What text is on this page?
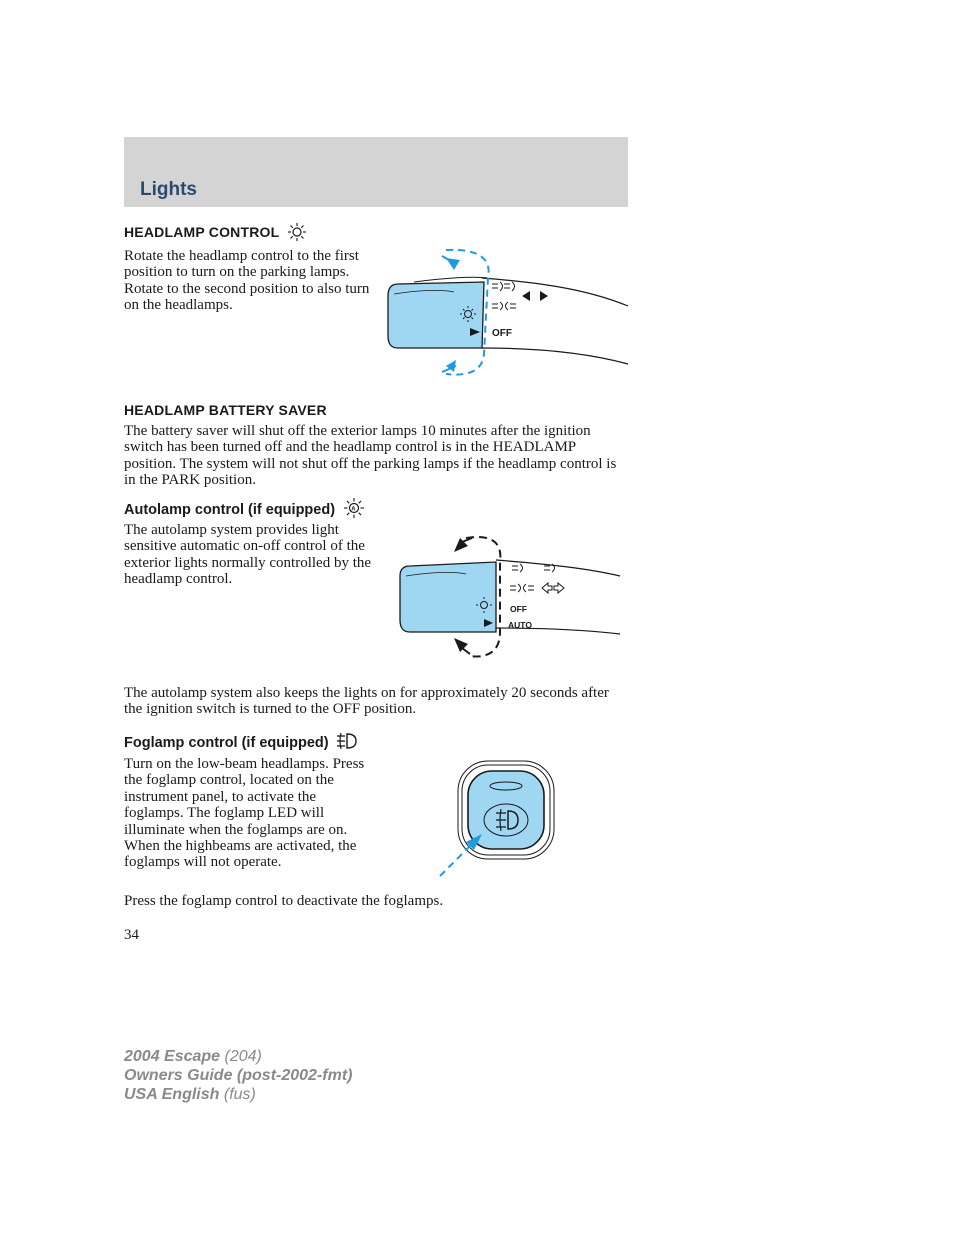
Lights
HEADLAMP CONTROL
Rotate the headlamp control to the first position to turn on the parking lamps. Rotate to the second position to also turn on the headlamps.
OFF
HEADLAMP BATTERY SAVER
The battery saver will shut off the exterior lamps 10 minutes after the ignition switch has been turned off and the headlamp control is in the HEADLAMP position. The system will not shut off the parking lamps if the headlamp control is in the PARK position.
Autolamp control (if equipped)	A
The autolamp system provides light sensitive automatic on-off control of the exterior lights normally controlled by the headlamp control.
OFF
AUTO
The autolamp system also keeps the lights on for approximately 20 seconds after the ignition switch is turned to the OFF position.
Foglamp control (if equipped)
Turn on the low-beam headlamps. Press the foglamp control, located on the instrument panel, to activate the foglamps. The foglamp LED will illuminate when the foglamps are on. When the highbeams are activated, the foglamps will not operate.
Press the foglamp control to deactivate the foglamps.
34
2004 Escape (204)
Owners Guide (post-2002-fmt)
USA English (fus)
